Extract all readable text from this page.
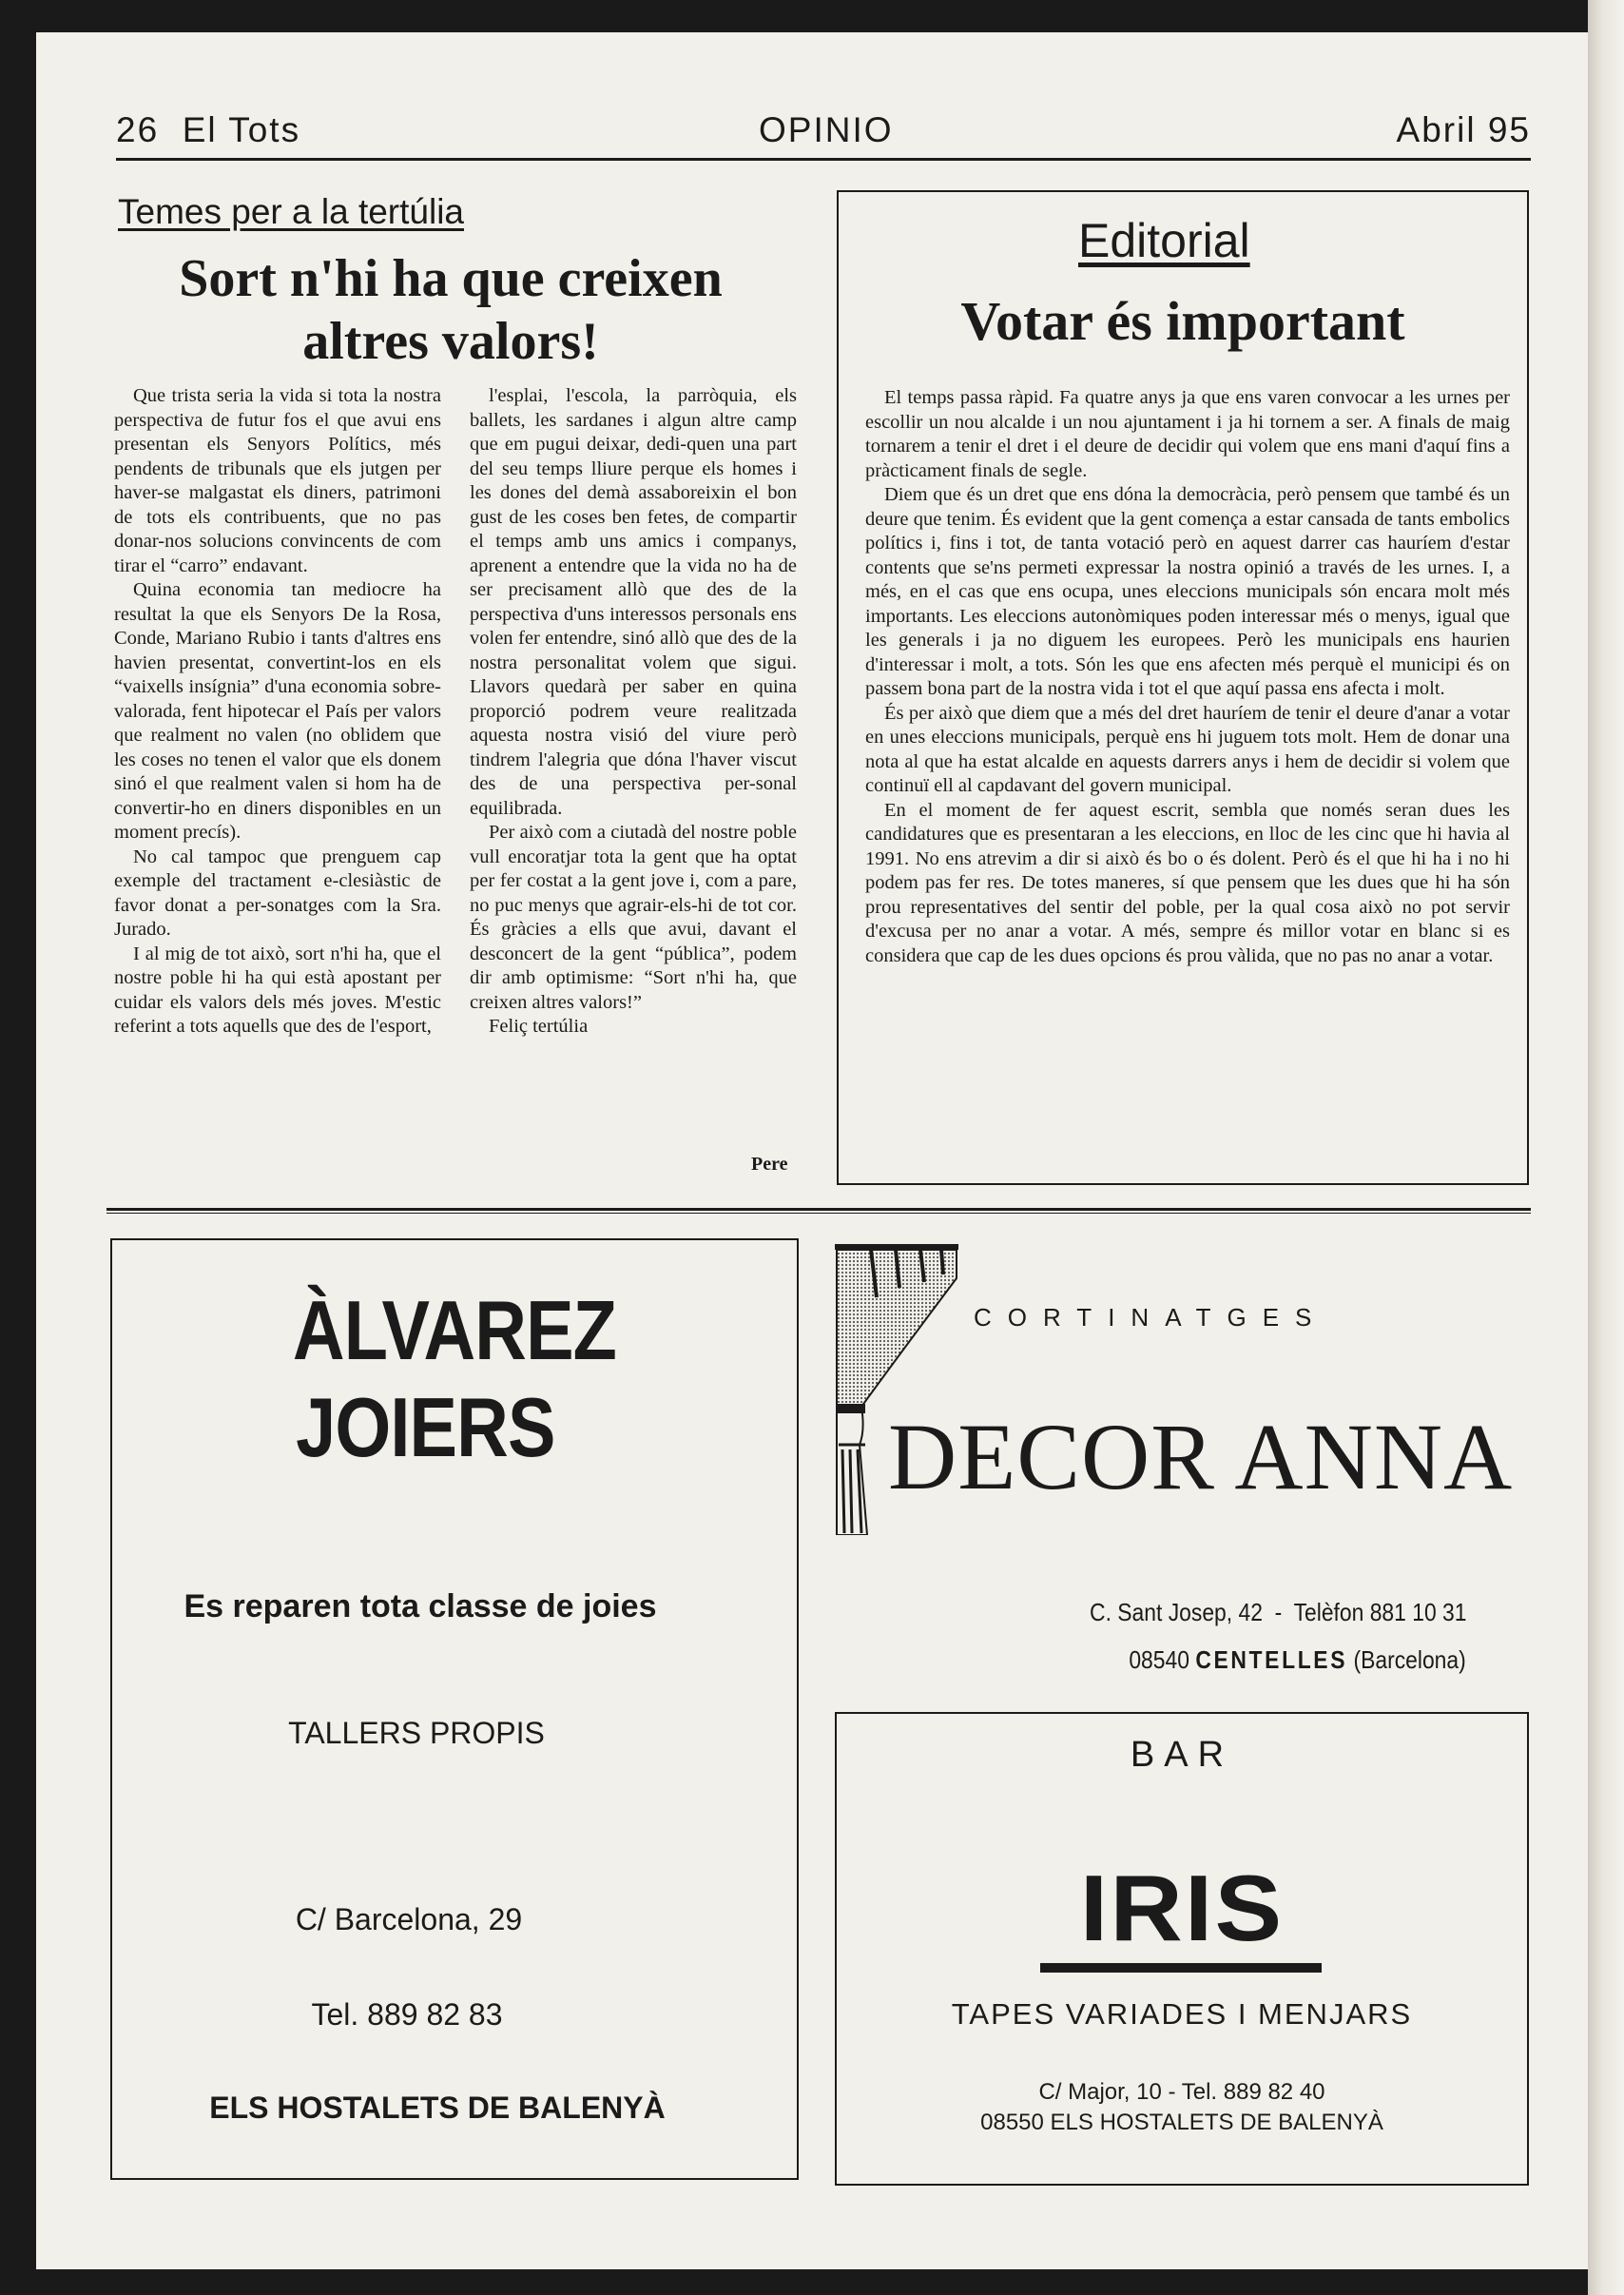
26  El Tots	OPINIO	Abril 95
Temes per a la tertúlia
Sort n'hi ha que creixen altres valors!

Que trista seria la vida si tota la nostra perspectiva de futur fos el que avui ens presentan els Senyors Polítics, més pendents de tribunals que els jutgen per haver-se malgastat els diners, patrimoni de tots els contribuents, que no pas donar-nos solucions convincents de com tirar el “carro” endavant.

Quina economia tan mediocre ha resultat la que els Senyors De la Rosa, Conde, Mariano Rubio i tants d'altres ens havien presentat, convertint-los en els “vaixells insígnia” d'una economia sobre-valorada, fent hipotecar el País per valors que realment no valen (no oblidem que les coses no tenen el valor que els donem sinó el que realment valen si hom ha de convertir-ho en diners disponibles en un moment precís).

No cal tampoc que prenguem cap exemple del tractament e-clesiàstic de favor donat a per-sonatges com la Sra. Jurado.

I al mig de tot això, sort n'hi ha, que el nostre poble hi ha qui està apostant per cuidar els valors dels més joves. M'estic referint a tots aquells que des de l'esport,

l'esplai, l'escola, la parròquia, els ballets, les sardanes i algun altre camp que em pugui deixar, dedi-quen una part del seu temps lliure perque els homes i les dones del demà assaboreixin el bon gust de les coses ben fetes, de compartir el temps amb uns amics i companys, aprenent a entendre que la vida no ha de ser precisament allò que des de la perspectiva d'uns interessos personals ens volen fer entendre, sinó allò que des de la nostra personalitat volem que sigui. Llavors quedarà per saber en quina proporció podrem veure realitzada aquesta nostra visió del viure però tindrem l'alegria que dóna l'haver viscut des de una perspectiva per-sonal equilibrada.

Per això com a ciutadà del nostre poble vull encoratjar tota la gent que ha optat per fer costat a la gent jove i, com a pare, no puc menys que agrair-els-hi de tot cor. És gràcies a ells que avui, davant el desconcert de la gent “pública”, podem dir amb optimisme: “Sort n'hi ha, que creixen altres valors!”

Feliç tertúlia

Pere
Editorial
Votar és important

El temps passa ràpid. Fa quatre anys ja que ens varen convocar a les urnes per escollir un nou alcalde i un nou ajuntament i ja hi tornem a ser. A finals de maig tornarem a tenir el dret i el deure de decidir qui volem que ens mani d'aquí fins a pràcticament finals de segle.

Diem que és un dret que ens dóna la democràcia, però pensem que també és un deure que tenim. És evident que la gent comença a estar cansada de tants embolics polítics i, fins i tot, de tanta votació però en aquest darrer cas hauríem d'estar contents que se'ns permeti expressar la nostra opinió a través de les urnes. I, a més, en el cas que ens ocupa, unes eleccions municipals són encara molt més importants. Les eleccions autonòmiques poden interessar més o menys, igual que les generals i ja no diguem les europees. Però les municipals ens haurien d'interessar i molt, a tots. Són les que ens afecten més perquè el municipi és on passem bona part de la nostra vida i tot el que aquí passa ens afecta i molt.

És per això que diem que a més del dret hauríem de tenir el deure d'anar a votar en unes eleccions municipals, perquè ens hi juguem tots molt. Hem de donar una nota al que ha estat alcalde en aquests darrers anys i hem de decidir si volem que continuï ell al capdavant del govern municipal.

En el moment de fer aquest escrit, sembla que només seran dues les candidatures que es presentaran a les eleccions, en lloc de les cinc que hi havia al 1991. No ens atrevim a dir si això és bo o és dolent. Però és el que hi ha i no hi podem pas fer res. De totes maneres, sí que pensem que les dues que hi ha són prou representatives del sentir del poble, per la qual cosa això no pot servir d'excusa per no anar a votar. A més, sempre és millor votar en blanc si es considera que cap de les dues opcions és prou vàlida, que no pas no anar a votar.

ÀLVAREZ
JOIERS
Es reparen tota classe de joies
TALLERS PROPIS
C/ Barcelona, 29
Tel. 889 82 83
ELS HOSTALETS DE BALENYÀ
CORTINATGES
DECOR ANNA
C. Sant Josep, 42  -  Telèfon 881 10 31
08540 CENTELLES (Barcelona)
BAR
IRIS
TAPES VARIADES I MENJARS
C/ Major, 10 - Tel. 889 82 40
08550 ELS HOSTALETS DE BALENYÀ
